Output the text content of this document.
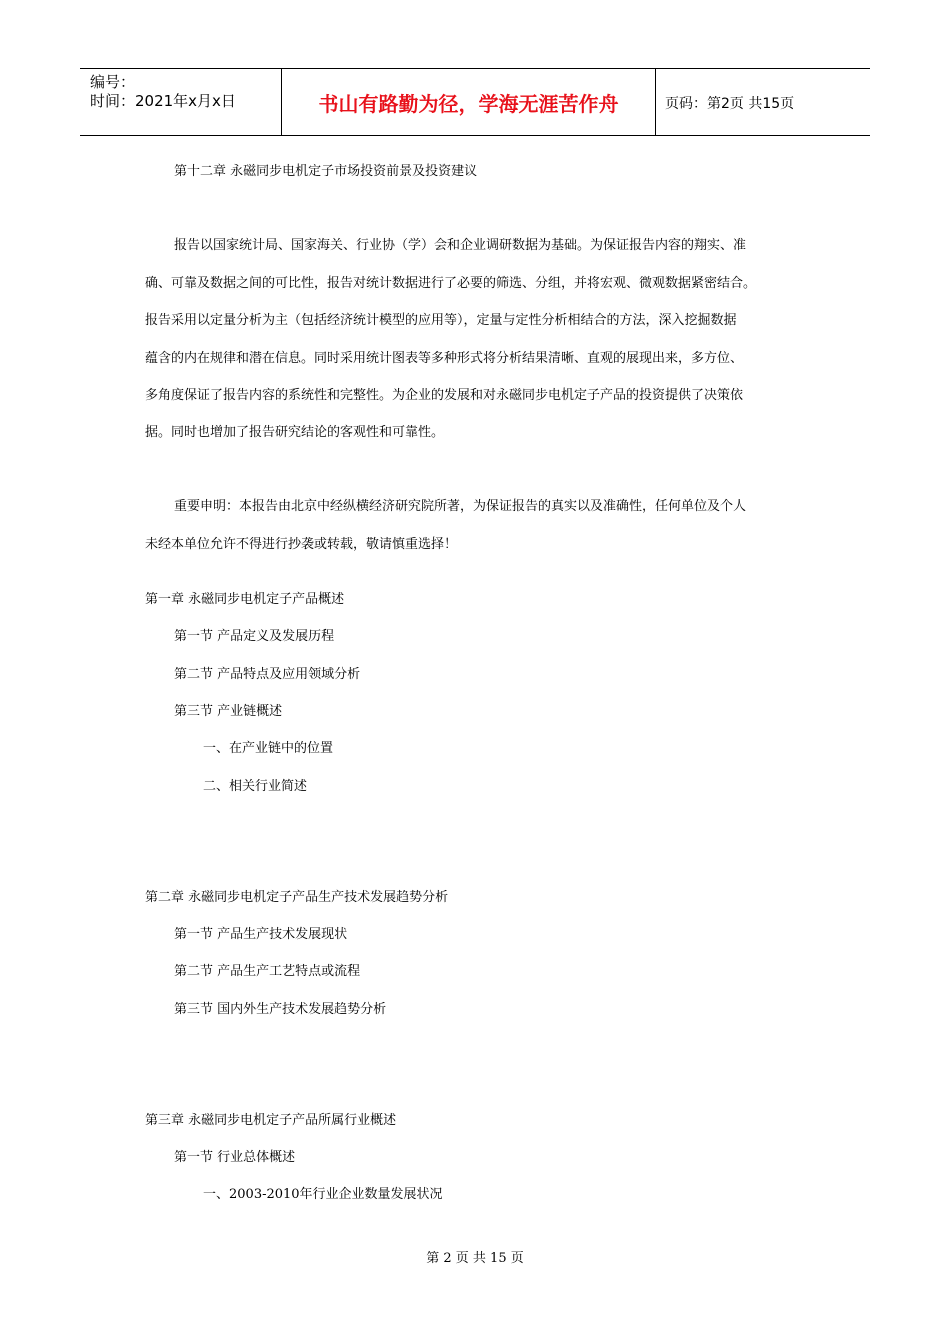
编号：
时间：2021年x月x日	书山有路勤为径，学海无涯苦作舟	页码：第2页 共15页
第十二章 永磁同步电机定子市场投资前景及投资建议
报告以国家统计局、国家海关、行业协（学）会和企业调研数据为基础。为保证报告内容的翔实、准
确、可靠及数据之间的可比性，报告对统计数据进行了必要的筛选、分组，并将宏观、微观数据紧密结合。
报告采用以定量分析为主（包括经济统计模型的应用等），定量与定性分析相结合的方法，深入挖掘数据
蕴含的内在规律和潜在信息。同时采用统计图表等多种形式将分析结果清晰、直观的展现出来，多方位、
多角度保证了报告内容的系统性和完整性。为企业的发展和对永磁同步电机定子产品的投资提供了决策依
据。同时也增加了报告研究结论的客观性和可靠性。
重要申明：本报告由北京中经纵横经济研究院所著，为保证报告的真实以及准确性，任何单位及个人
未经本单位允许不得进行抄袭或转载，敬请慎重选择！
第一章 永磁同步电机定子产品概述
第一节 产品定义及发展历程
第二节 产品特点及应用领域分析
第三节 产业链概述
一、在产业链中的位置
二、相关行业简述
第二章 永磁同步电机定子产品生产技术发展趋势分析
第一节 产品生产技术发展现状
第二节 产品生产工艺特点或流程
第三节 国内外生产技术发展趋势分析
第三章 永磁同步电机定子产品所属行业概述
第一节 行业总体概述
一、2003-2010年行业企业数量发展状况
第 2 页 共 15 页
